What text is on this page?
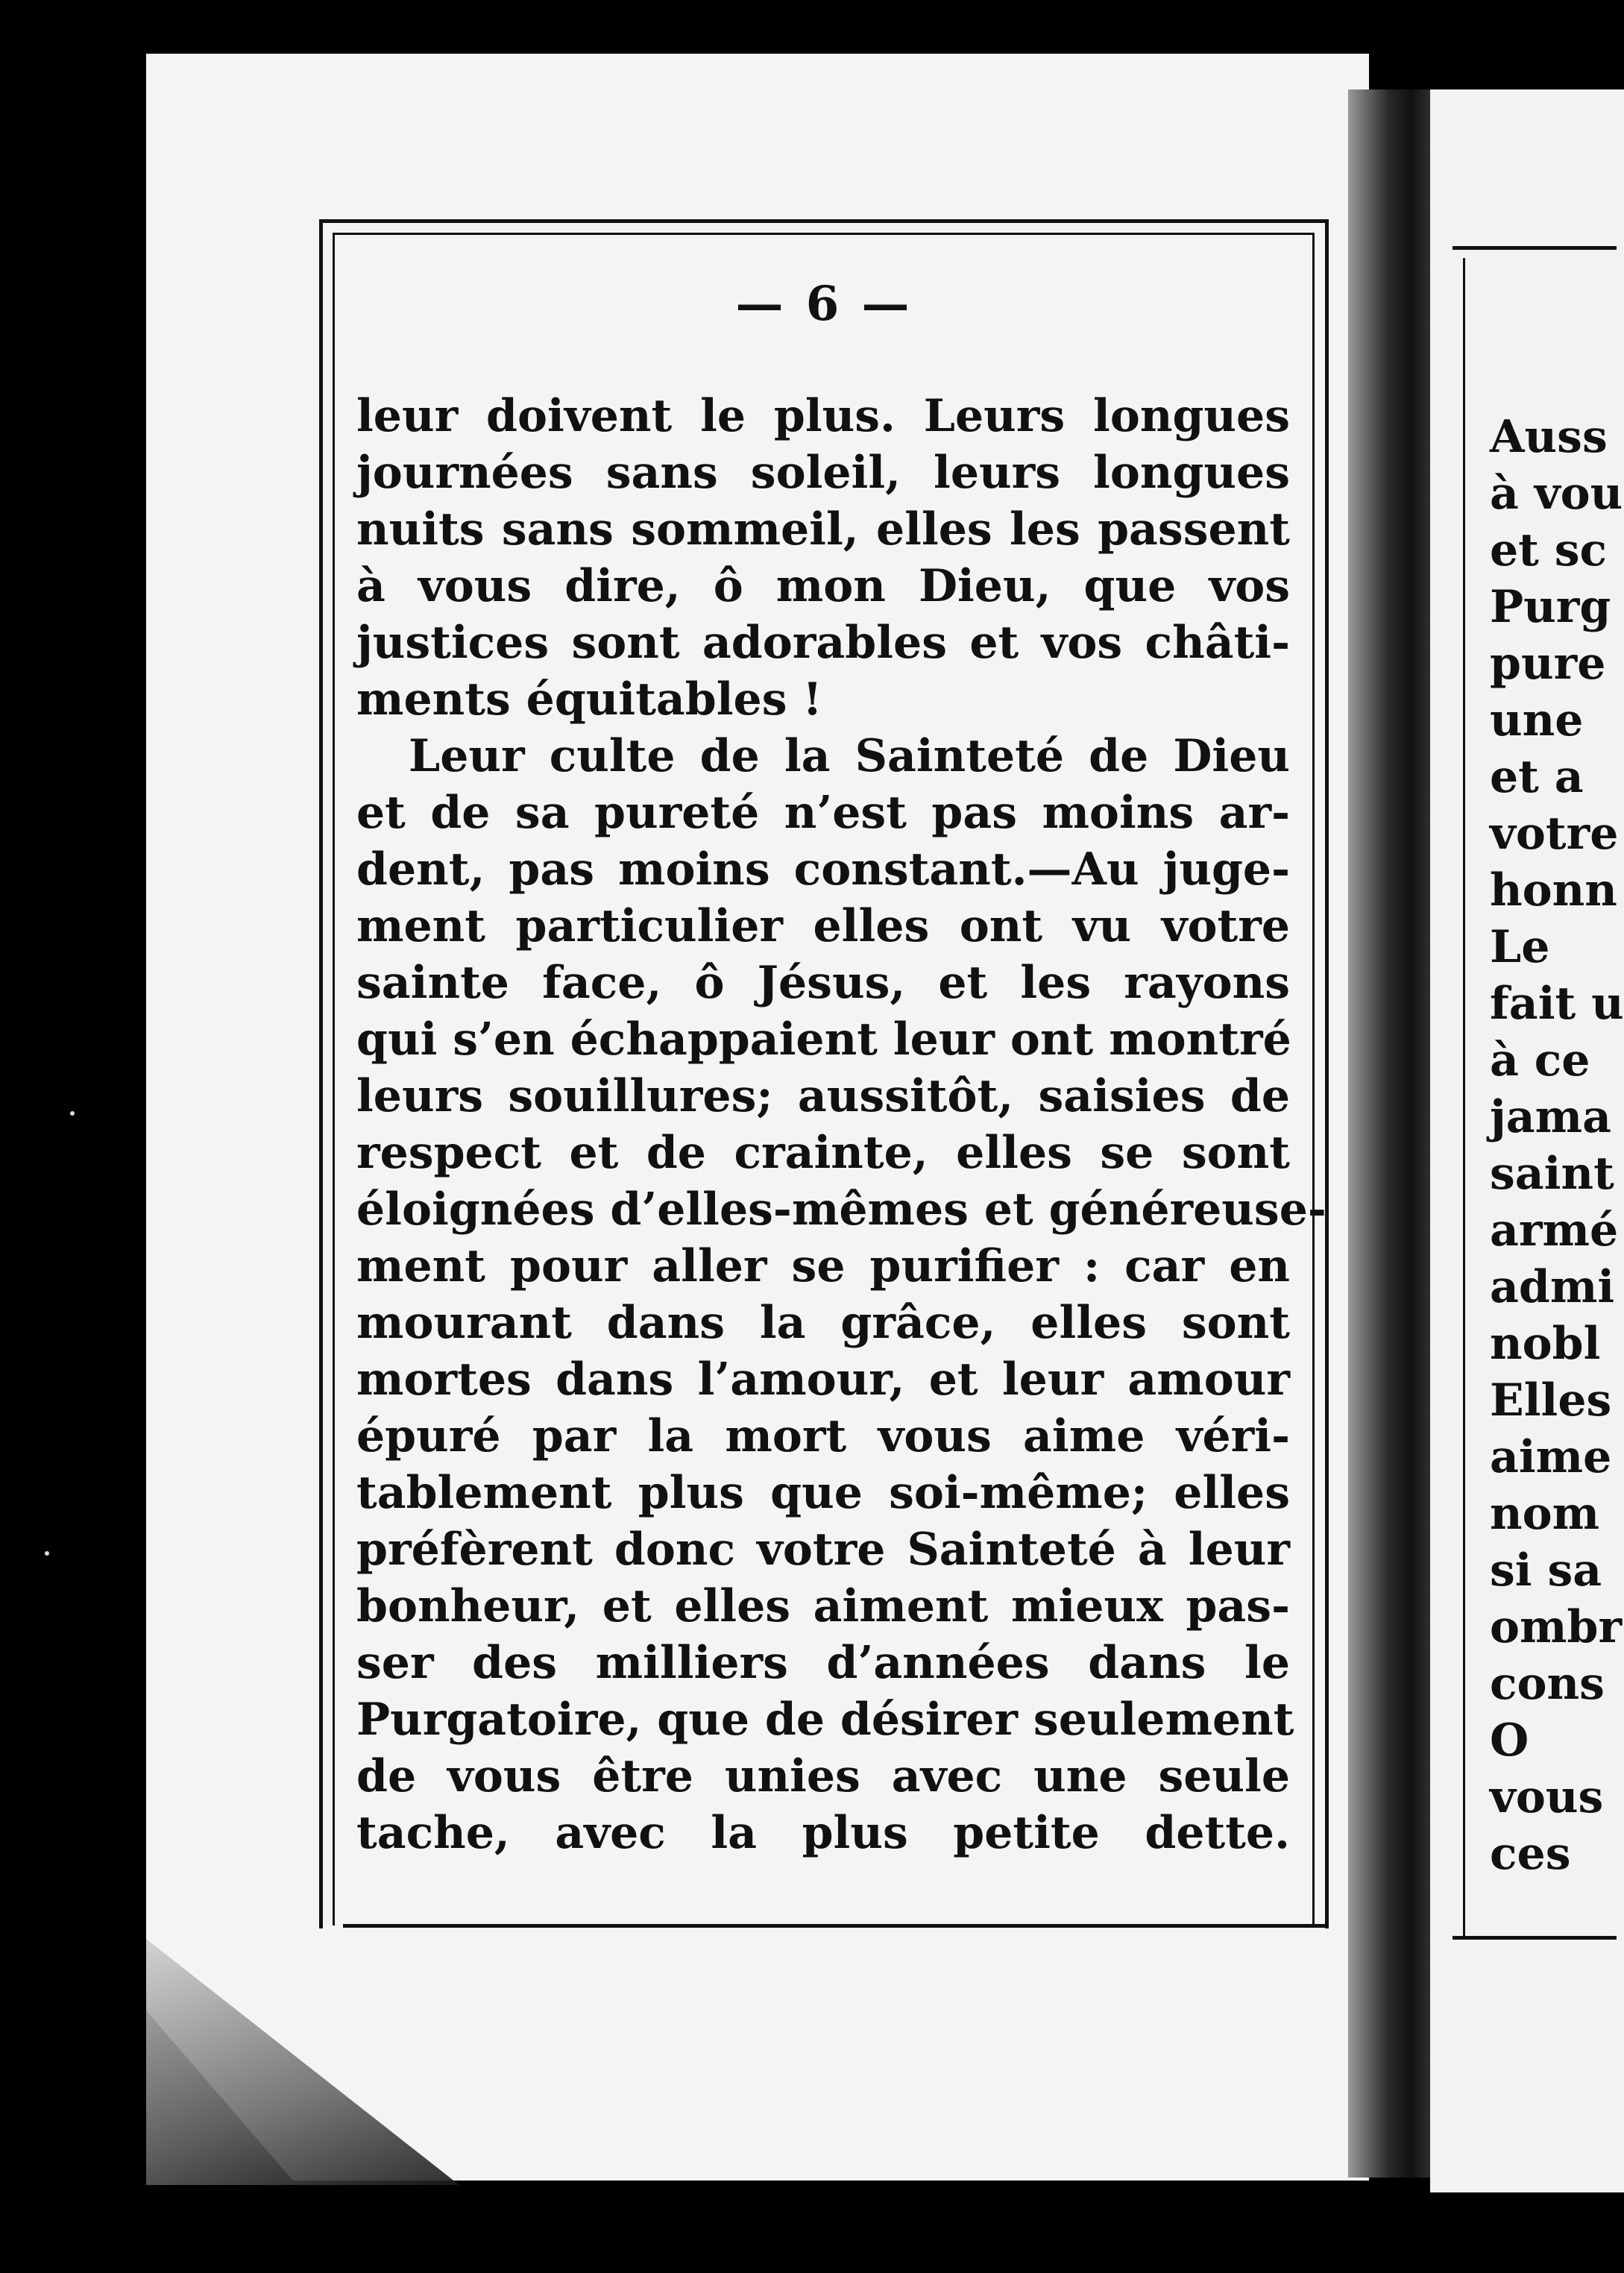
— 6 —
leur doivent le plus. Leurs longues
journées sans soleil, leurs longues
nuits sans sommeil, elles les passent
à vous dire, ô mon Dieu, que vos
justices sont adorables et vos châti-
ments équitables !
Leur culte de la Sainteté de Dieu
et de sa pureté n’est pas moins ar-
dent, pas moins constant.—Au juge-
ment particulier elles ont vu votre
sainte face, ô Jésus, et les rayons
qui s’en échappaient leur ont montré
leurs souillures; aussitôt, saisies de
respect et de crainte, elles se sont
éloignées d’elles-mêmes et généreuse-
ment pour aller se purifier : car en
mourant dans la grâce, elles sont
mortes dans l’amour, et leur amour
épuré par la mort vous aime véri-
tablement plus que soi-même; elles
préfèrent donc votre Sainteté à leur
bonheur, et elles aiment mieux pas-
ser des milliers d’années dans le
Purgatoire, que de désirer seulement
de vous être unies avec une seule
tache, avec la plus petite dette.
Auss
à vou
et sc
Purg
pure
une
et a
votre
honn
Le
fait u
à ce
jama
saint
armé
admi
nobl
Elles
aime
nom
si sa
ombr
cons
O
vous
ces
